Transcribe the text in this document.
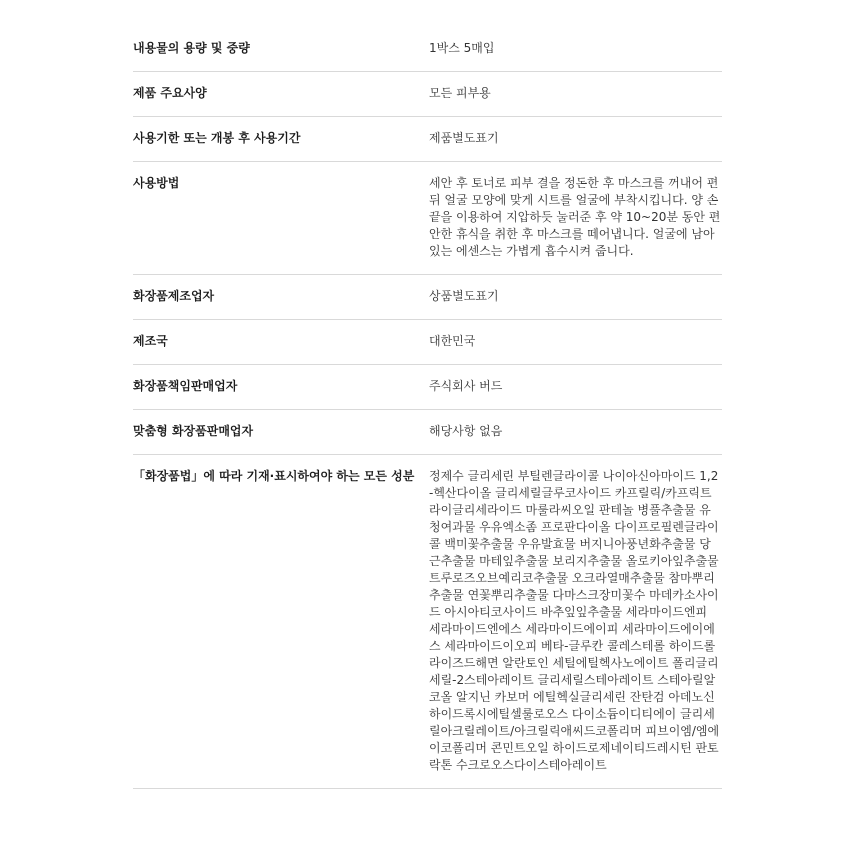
내용물의 용량 및 중량	1박스 5매입
제품 주요사양	모든 피부용
사용기한 또는 개봉 후 사용기간	제품별도표기
사용방법	세안 후 토너로 피부 결을 정돈한 후 마스크를 꺼내어 편 뒤 얼굴 모양에 맞게 시트를 얼굴에 부착시킵니다. 양 손끝을 이용하여 지압하듯 눌러준 후 약 10~20분 동안 편안한 휴식을 취한 후 마스크를 떼어냅니다. 얼굴에 남아있는 에센스는 가볍게 흡수시켜 줍니다.
화장품제조업자	상품별도표기
제조국	대한민국
화장품책임판매업자	주식회사 버드
맞춤형 화장품판매업자	해당사항 없음
「화장품법」에 따라 기재·표시하여야 하는 모든 성분	정제수 글리세린 부틸렌글라이콜 나이아신아마이드 1,2-헥산다이올 글리세릴글루코사이드 카프릴릭/카프릭트라이글리세라이드 마룰라씨오일 판테놀 병풀추출물 유청여과물 우유엑소좀 프로판다이올 다이프로필렌글라이콜 백미꽃추출물 우유발효물 버지니아풍년화추출물 당근추출물 마테잎추출물 보리지추출물 올로키아잎추출물 트루로즈오브예리코추출물 오크라열매추출물 참마뿌리추출물 연꽃뿌리추출물 다마스크장미꽃수 마데카소사이드 아시아티코사이드 바추잎잎추출물 세라마이드엔피 세라마이드엔에스 세라마이드에이피 세라마이드에이에스 세라마이드이오피 베타-글루칸 콜레스테롤 하이드롤라이즈드해면 알란토인 세틸에틸헥사노에이트 폴리글리세릴-2스테아레이트 글리세릴스테아레이트 스테아릴알코올 알지닌 카보머 에틸헥실글리세린 잔탄검 아데노신 하이드록시에틸셀룰로오스 다이소듐이디티에이 글리세릴아크릴레이트/아크릴릭애씨드코폴리머 피브이엠/엠에이코폴리머 콘민트오일 하이드로제네이티드레시틴 판토락톤 수크로오스다이스테아레이트
